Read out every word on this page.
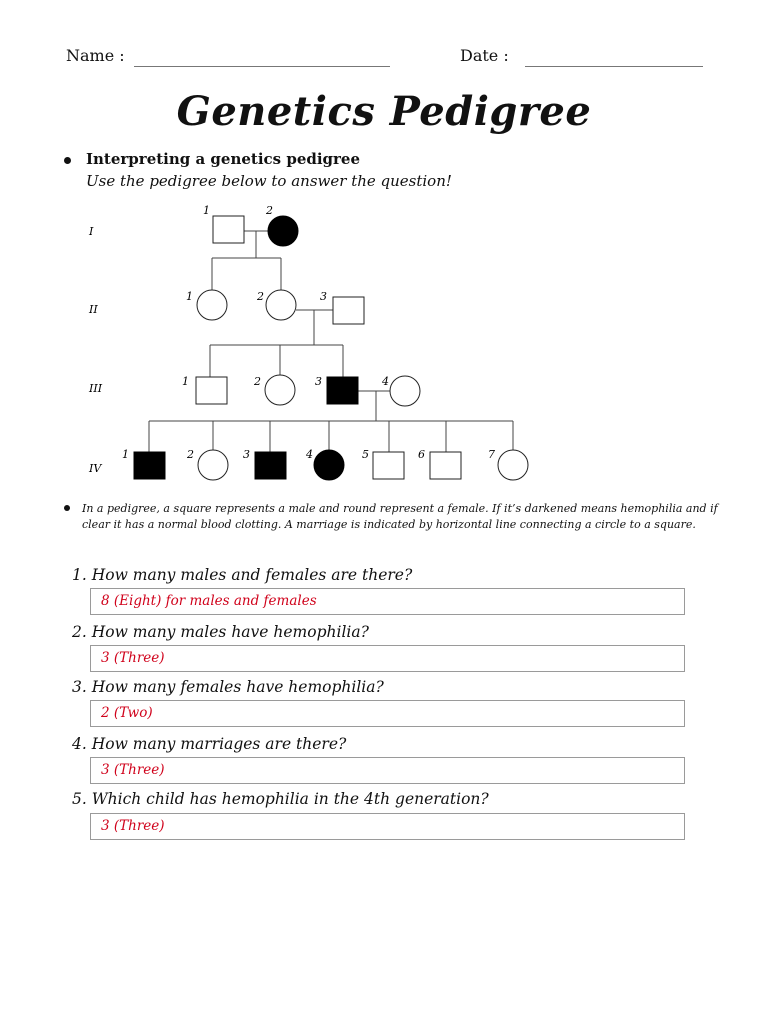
Name :	Date :
Genetics Pedigree
Interpreting a genetics pedigree
Use the pedigree below to answer the question!
I
II
III
IV
1	2
1	2	3
1	2	3	4
1	2	3	4	5	6	7
In a pedigree, a square represents a male and round represent a female. If it’s darkened means hemophilia and if clear it has a normal blood clotting. A marriage is indicated by horizontal line connecting a circle to a square.
1. How many males and females are there?
8 (Eight) for males and females
2. How many males have hemophilia?
3 (Three)
3. How many females have hemophilia?
2 (Two)
4. How many marriages are there?
3 (Three)
5. Which child has hemophilia in the 4th generation?
3 (Three)
